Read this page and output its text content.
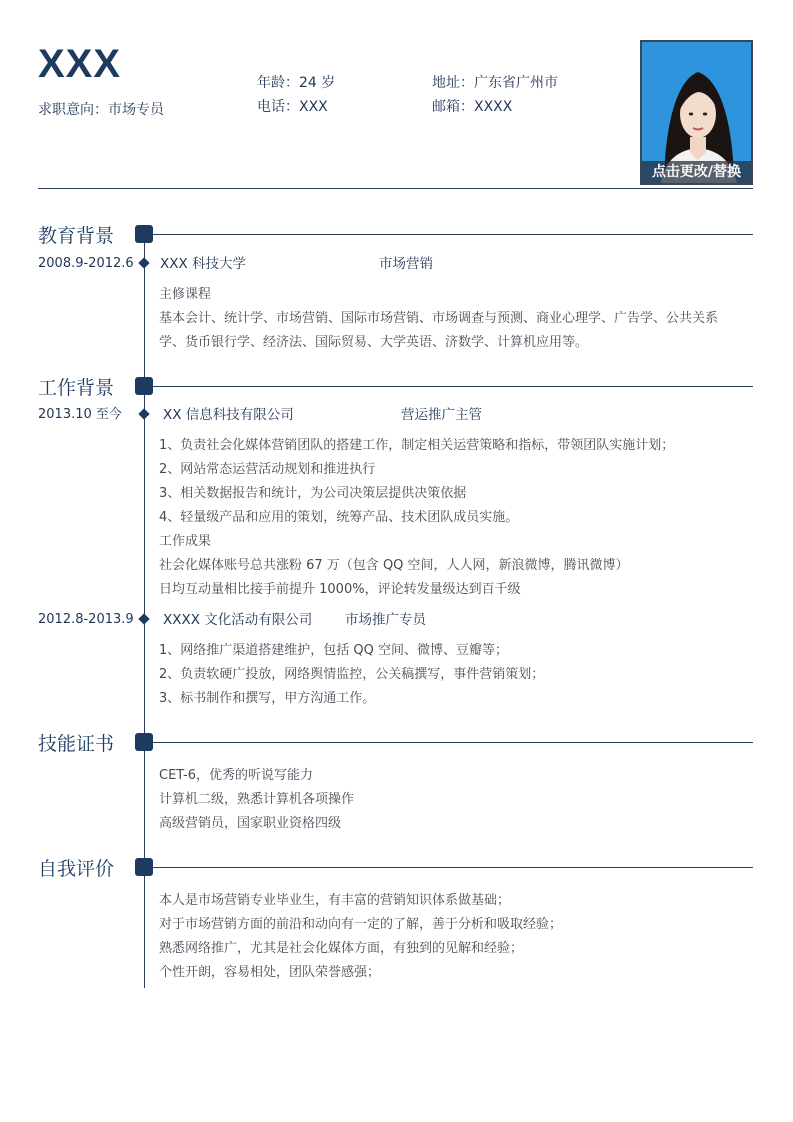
XXX
求职意向：市场专员
年龄：24 岁
电话：XXX
地址：广东省广州市
邮箱：XXXX
点击更改/替换
教育背景
2008.9-2012.6 XXX 科技大学	市场营销
主修课程
基本会计、统计学、市场营销、国际市场营销、市场调查与预测、商业心理学、广告学、公共关系
学、货币银行学、经济法、国际贸易、大学英语、济数学、计算机应用等。
工作背景
2013.10 至今	XX 信息科技有限公司	营运推广主管
1、负责社会化媒体营销团队的搭建工作，制定相关运营策略和指标，带领团队实施计划；
2、网站常态运营活动规划和推进执行
3、相关数据报告和统计，为公司决策层提供决策依据
4、轻量级产品和应用的策划，统筹产品、技术团队成员实施。
工作成果
社会化媒体账号总共涨粉 67 万（包含 QQ 空间，人人网，新浪微博，腾讯微博）
日均互动量相比接手前提升 1000%，评论转发量级达到百千级
2012.8-2013.9 XXXX 文化活动有限公司 市场推广专员
1、网络推广渠道搭建维护，包括 QQ 空间、微博、豆瓣等；
2、负责软硬广投放，网络舆情监控，公关稿撰写，事件营销策划；
3、标书制作和撰写，甲方沟通工作。
技能证书
CET-6，优秀的听说写能力
计算机二级，熟悉计算机各项操作
高级营销员，国家职业资格四级
自我评价
本人是市场营销专业毕业生，有丰富的营销知识体系做基础；
对于市场营销方面的前沿和动向有一定的了解，善于分析和吸取经验；
熟悉网络推广，尤其是社会化媒体方面，有独到的见解和经验；
个性开朗，容易相处，团队荣誉感强；
